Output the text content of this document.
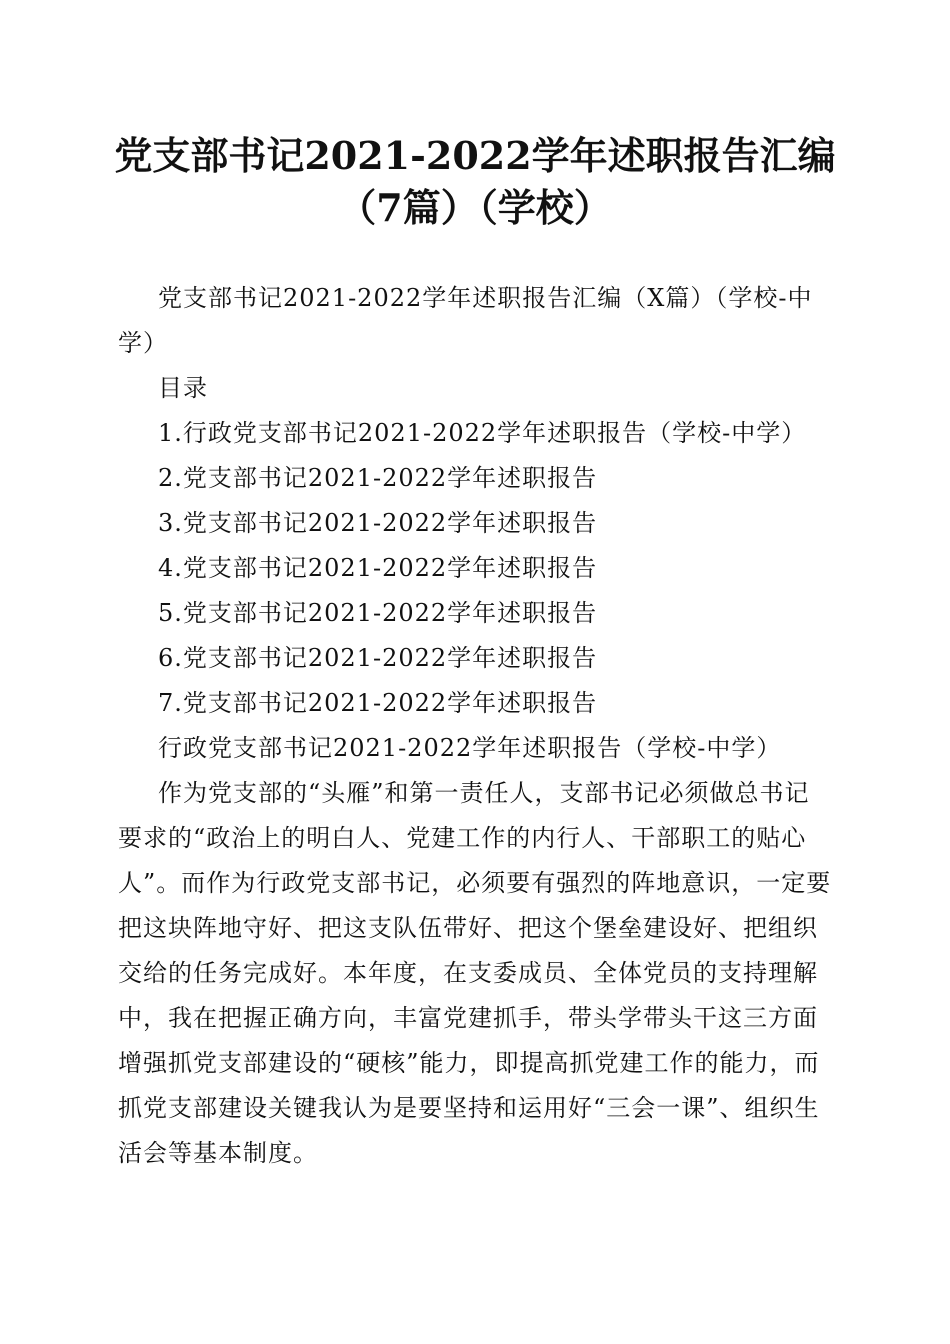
党支部书记2021-2022学年述职报告汇编（7篇）（学校）

党支部书记2021-2022学年述职报告汇编（X篇）（学校-中学）

目录

1.行政党支部书记2021-2022学年述职报告（学校-中学）

2.党支部书记2021-2022学年述职报告

3.党支部书记2021-2022学年述职报告

4.党支部书记2021-2022学年述职报告

5.党支部书记2021-2022学年述职报告

6.党支部书记2021-2022学年述职报告

7.党支部书记2021-2022学年述职报告

行政党支部书记2021-2022学年述职报告（学校-中学）

作为党支部的“头雁”和第一责任人，支部书记必须做总书记要求的“政治上的明白人、党建工作的内行人、干部职工的贴心人”。而作为行政党支部书记，必须要有强烈的阵地意识，一定要把这块阵地守好、把这支队伍带好、把这个堡垒建设好、把组织交给的任务完成好。本年度，在支委成员、全体党员的支持理解中，我在把握正确方向，丰富党建抓手，带头学带头干这三方面增强抓党支部建设的“硬核”能力，即提高抓党建工作的能力，而抓党支部建设关键我认为是要坚持和运用好“三会一课”、组织生活会等基本制度。
